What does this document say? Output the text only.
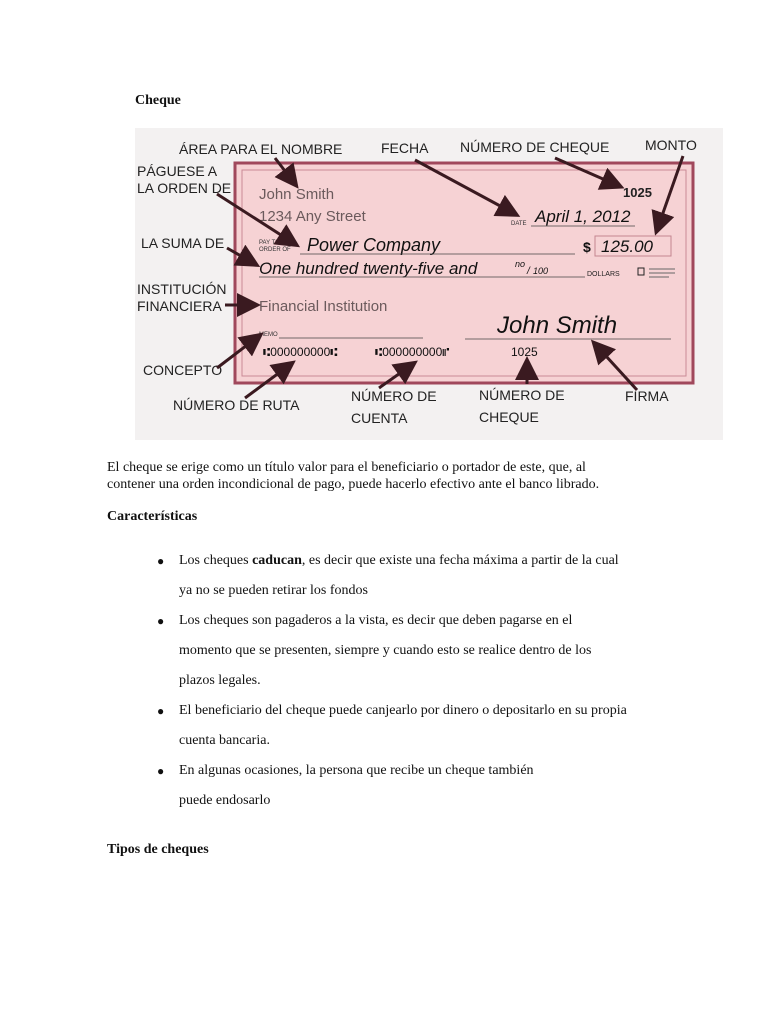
Cheque
John Smith
1234 Any Street
1025
DATE April 1, 2012
PAY TO THE
ORDER OF Power Company	$ 125.00
One hundred twenty-five and	no
/ 100	DOLLARS
Financial Institution
MEMO	John Smith
⑆000000000⑆	⑆000000000⑈	1025
ÁREA PARA EL NOMBRE	FECHA NÚMERO DE CHEQUE	MONTO
PÁGUESE A
LA ORDEN DE
LA SUMA DE
INSTITUCIÓN
FINANCIERA
CONCEPTO
NÚMERO DE RUTA
NÚMERO DE
CUENTA
NÚMERO DE
CHEQUE
FIRMA
El cheque se erige como un título valor para el beneficiario o portador de este, que, al
contener una orden incondicional de pago, puede hacerlo efectivo ante el banco librado.
Características
● Los cheques caducan, es decir que existe una fecha máxima a partir de la cual
ya no se pueden retirar los fondos
● Los cheques son pagaderos a la vista, es decir que deben pagarse en el
momento que se presenten, siempre y cuando esto se realice dentro de los
plazos legales.
● El beneficiario del cheque puede canjearlo por dinero o depositarlo en su propia
cuenta bancaria.
● En algunas ocasiones, la persona que recibe un cheque también
puede endosarlo
Tipos de cheques
